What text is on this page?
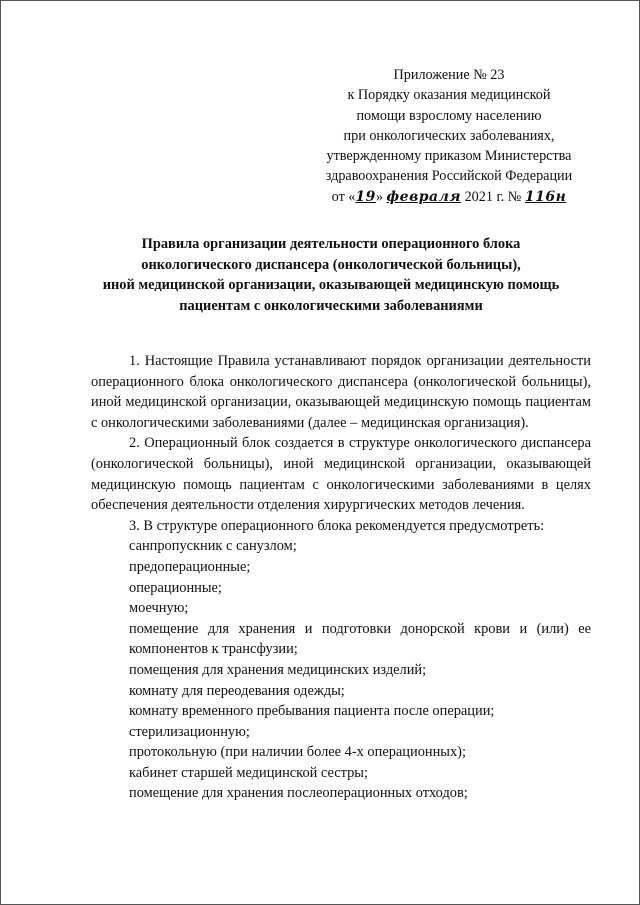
Приложение № 23
к Порядку оказания медицинской
помощи взрослому населению
при онкологических заболеваниях,
утвержденному приказом Министерства
здравоохранения Российской Федерации
от «19» февраля 2021 г. № 116н
Правила организации деятельности операционного блока
онкологического диспансера (онкологической больницы),
иной медицинской организации, оказывающей медицинскую помощь
пациентам с онкологическими заболеваниями

1. Настоящие Правила устанавливают порядок организации деятельности операционного блока онкологического диспансера (онкологической больницы), иной медицинской организации, оказывающей медицинскую помощь пациентам с онкологическими заболеваниями (далее – медицинская организация).

2. Операционный блок создается в структуре онкологического диспансера (онкологической больницы), иной медицинской организации, оказывающей медицинскую помощь пациентам с онкологическими заболеваниями в целях обеспечения деятельности отделения хирургических методов лечения.

3. В структуре операционного блока рекомендуется предусмотреть:

санпропускник с санузлом;

предоперационные;

операционные;

моечную;

помещение для хранения и подготовки донорской крови и (или) ее компонентов к трансфузии;

помещения для хранения медицинских изделий;

комнату для переодевания одежды;

комнату временного пребывания пациента после операции;

стерилизационную;

протокольную (при наличии более 4-х операционных);

кабинет старшей медицинской сестры;

помещение для хранения послеоперационных отходов;
